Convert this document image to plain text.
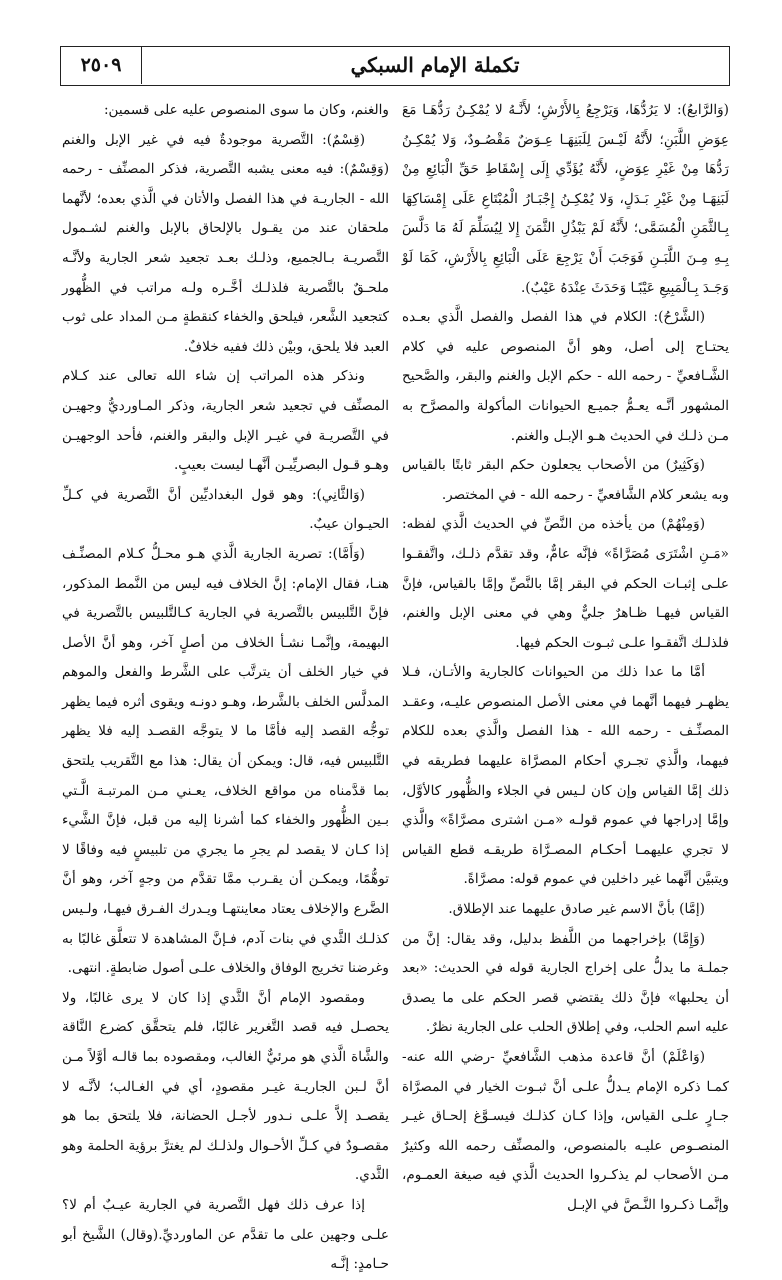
تكملة الإمام السبكي
٢٥٠٩

(وَالرَّابعُ): لا يَرُدُّهَا، وَيَرْجِعُ بِالأَرْشِ؛ لأَنَّـهُ لا يُمْكِـنُ رَدُّهَـا مَعَ عِوَضِ اللَّبَنِ؛ لأَنَّهُ لَيْـسَ لِلَبَنِهَـا عِـوَضٌ مَقْصُـودٌ، وَلا يُمْكِـنُ رَدُّهَا مِنْ غَيْرِ عِوَضٍ، لأَنَّهُ يُؤَدِّي إِلَى إِسْقَاطِ حَقِّ الْبَائِعِ مِنْ لَبَنِهَـا مِنْ غَيْرِ بَـدَلٍ، وَلا يُمْكِـنُ إِجْبَـارُ الْمُبْتَاعِ عَلَى إِمْسَاكِهَا بِـالثَّمَنِ الْمُسَمَّى؛ لأَنَّهُ لَمْ يَبْذُلِ الثَّمَنَ إِلا لِيُسَلِّمَ لَهُ مَا دَلَّسَ بِـهِ مِـنَ اللَّبَـنِ فَوَجَبَ أَنْ يَرْجِعَ عَلَى الْبَائِعِ بِالأَرْشِ، كَمَا لَوْ وَجَـدَ بِـالْمَبِيعِ عَيْبًـا وَحَدَثَ عِنْدَهُ عَيْبٌ).

(الشَّرْحُ): الكلام في هذا الفصل والفصل الَّذي بعـده يحتـاج إلى أصل، وهو أنَّ المنصوص عليه في كلام الشَّـافعيِّ - رحمه الله - حكم الإبل والغنم والبقر، والصَّحيح المشهور أنَّـه يعـمُّ جميـع الحيوانات المأكولة والمصرَّح به مـن ذلـك في الحديث هـو الإبـل والغنم.

(وَكَثِيرٌ) من الأصحاب يجعلون حكم البقر ثابتًا بالقياس وبه يشعر كلام الشَّافعيِّ - رحمه الله - في المختصر.

(وَمِنْهُمْ) من يأخذه من النَّصِّ في الحديث الَّذي لفظه: «مَـنِ اشْتَرَى مُصَرَّاةً» فإنَّه عامٌّ، وقد تقدَّم ذلـك، واتَّفقـوا علـى إثبـات الحكم في البقر إمَّا بالنَّصِّ وإمَّا بالقياس، فإنَّ القياس فيهـا ظـاهرٌ جليٌّ وهي في معنى الإبل والغنم، فلذلـك اتَّفقـوا علـى ثبـوت الحكم فيها.

أمَّا ما عدا ذلك من الحيوانات كالجارية والأتـان، فـلا يظهـر فيهما أنَّهما في معنى الأصل المنصوص عليـه، وعقـد المصنِّـف - رحمه الله - هذا الفصل والَّذي بعده للكلام فيهما، والَّذي تجـري أحكام المصرَّاة عليهما فطريقه في ذلك إمَّا القياس وإن كان لـيس في الجلاء والظُّهور كالأوَّل، وإمَّا إدراجها في عموم قولـه «مـن اشترى مصرَّاةً» والَّذي لا تجري عليهمـا أحكـام المصـرَّاة طريقـه قطع القياس ويتبيَّن أنَّهما غير داخلين في عموم قوله: مصرَّاةً.

(إمَّا) بأنَّ الاسم غير صادق عليهما عند الإطلاق.

(وَإِمَّا) بإخراجهما من اللَّفظ بدليل، وقد يقال: إنَّ من جملـة ما يدلُّ على إخراج الجارية قوله في الحديث: «بعد أن يحلبها» فإنَّ ذلك يقتضي قصر الحكم على ما يصدق عليه اسم الحلب، وفي إطلاق الحلب على الجارية نظرٌ.

(وَاعْلَمْ) أنَّ قاعدة مذهب الشَّافعيِّ -رضي الله عنه- كمـا ذكره الإمام يـدلُّ علـى أنَّ ثبـوت الخيار في المصرَّاة جـارٍ علـى القياس، وإذا كـان كذلـك فيسـوَّغ إلحـاق غيـر المنصـوص عليـه بالمنصوص، والمصنِّف رحمه الله وكثيرٌ مـن الأصحاب لم يذكـروا الحديث الَّذي فيه صيغة العمـوم، وإنَّمـا ذكـروا النَّـصَّ في الإبـل

والغنم، وكان ما سوى المنصوص عليه على قسمين:

(قِسْمٌ): التَّصرية موجودةٌ فيه في غير الإبل والغنم (وَقِسْمٌ): فيه معنى يشبه التَّصرية، فذكر المصنِّف - رحمه الله - الجاريـة في هذا الفصل والأتان في الَّذي بعده؛ لأنَّهما ملحقان عند من يقـول بالإلحاق بالإبل والغنم لشـمول التَّصريـة بـالجميع، وذلـك بعـد تجعيد شعر الجارية ولأنَّـه ملحـقٌ بالتَّصرية فلذلـك أخَّـره ولـه مراتب في الظُّهور كتجعيد الشَّعر، فيلحق والخفاء كنقطةٍ مـن المداد على ثوب العبد فلا يلحق، وبيْن ذلك ففيه خلافٌ.

ونذكر هذه المراتب إن شاء الله تعالى عند كـلام المصنِّف في تجعيد شعر الجارية، وذكر المـاورديُّ وجهيـن في التَّصريـة في غيـر الإبل والبقر والغنم، فأحد الوجهيـن وهـو قـول البصريِّيـن أنَّهـا ليست بعيبٍ.

(وَالثَّانِي): وهو قول البغداديِّين أنَّ التَّصرية في كـلِّ الحيـوان عيبٌ.

(وَأَمَّا): تصرية الجارية الَّذي هـو محـلُّ كـلام المصنِّـف هنـا، فقال الإمام: إنَّ الخلاف فيه ليس من النَّمط المذكور، فإنَّ التَّلبيس بالتَّصرية في الجارية كـالتَّلبيس بالتَّصرية في البهيمة، وإنَّمـا نشـأ الخلاف من أصلٍ آخر، وهو أنَّ الأصل في خيار الخلف أن يترتَّب على الشَّرط والفعل والموهم المدلَّس الخلف بالشَّرط، وهـو دونـه ويقوى أثره فيما يظهر توجُّه القصد إليه فأمَّا ما لا يتوجَّه القصـد إليه فلا يظهر التَّلبيس فيه، قال: ويمكن أن يقال: هذا مع التَّقريب يلتحق بما قدَّمناه من مواقع الخلاف، يعـني مـن المرتبـة الَّـتي بـين الظُّهور والخفاء كما أشرنا إليه من قبل، فإنَّ الشَّيء إذا كـان لا يقصد لم يجرِ ما يجري من تلبيسٍ فيه وفاقًا لا توهُّمًا، ويمكـن أن يقـرب ممَّا تقدَّم من وجهٍ آخر، وهو أنَّ الضَّرع والإخلاف يعتاد معاينتهـا ويـدرك الفـرق فيهـا، ولـيس كذلـك الثَّدي في بنات آدم، فـإنَّ المشاهدة لا تتعلَّق غالبًا به وغرضنا تخريج الوفاق والخلاف علـى أصول ضابطةٍ. انتهى.

ومقصود الإمام أنَّ الثَّدي إذا كان لا يرى غالبًا، ولا يحصـل فيه قصد التَّغرير غالبًا، فلم يتحقَّق كضرع النَّاقة والشَّاة الَّذي هو مرئيٌّ الغالب، ومقصوده بما قالـه أوَّلاً مـن أنَّ لـبن الجاريـة غيـر مقصودٍ، أي في الغـالب؛ لأنَّـه لا يقصـد إلاَّ علـى نـدور لأجـل الحضانة، فلا يلتحق بما هو مقصـودٌ في كـلِّ الأحـوال ولذلـك لم يغترَّ برؤية الحلمة وهو الثَّدي.

إذا عرف ذلك فهل التَّصرية في الجارية عيـبٌ أم لا؟ علـى وجهين على ما تقدَّم عن الماورديِّ.(وقال) الشَّيخ أبو حـامدٍ: إنَّـه
